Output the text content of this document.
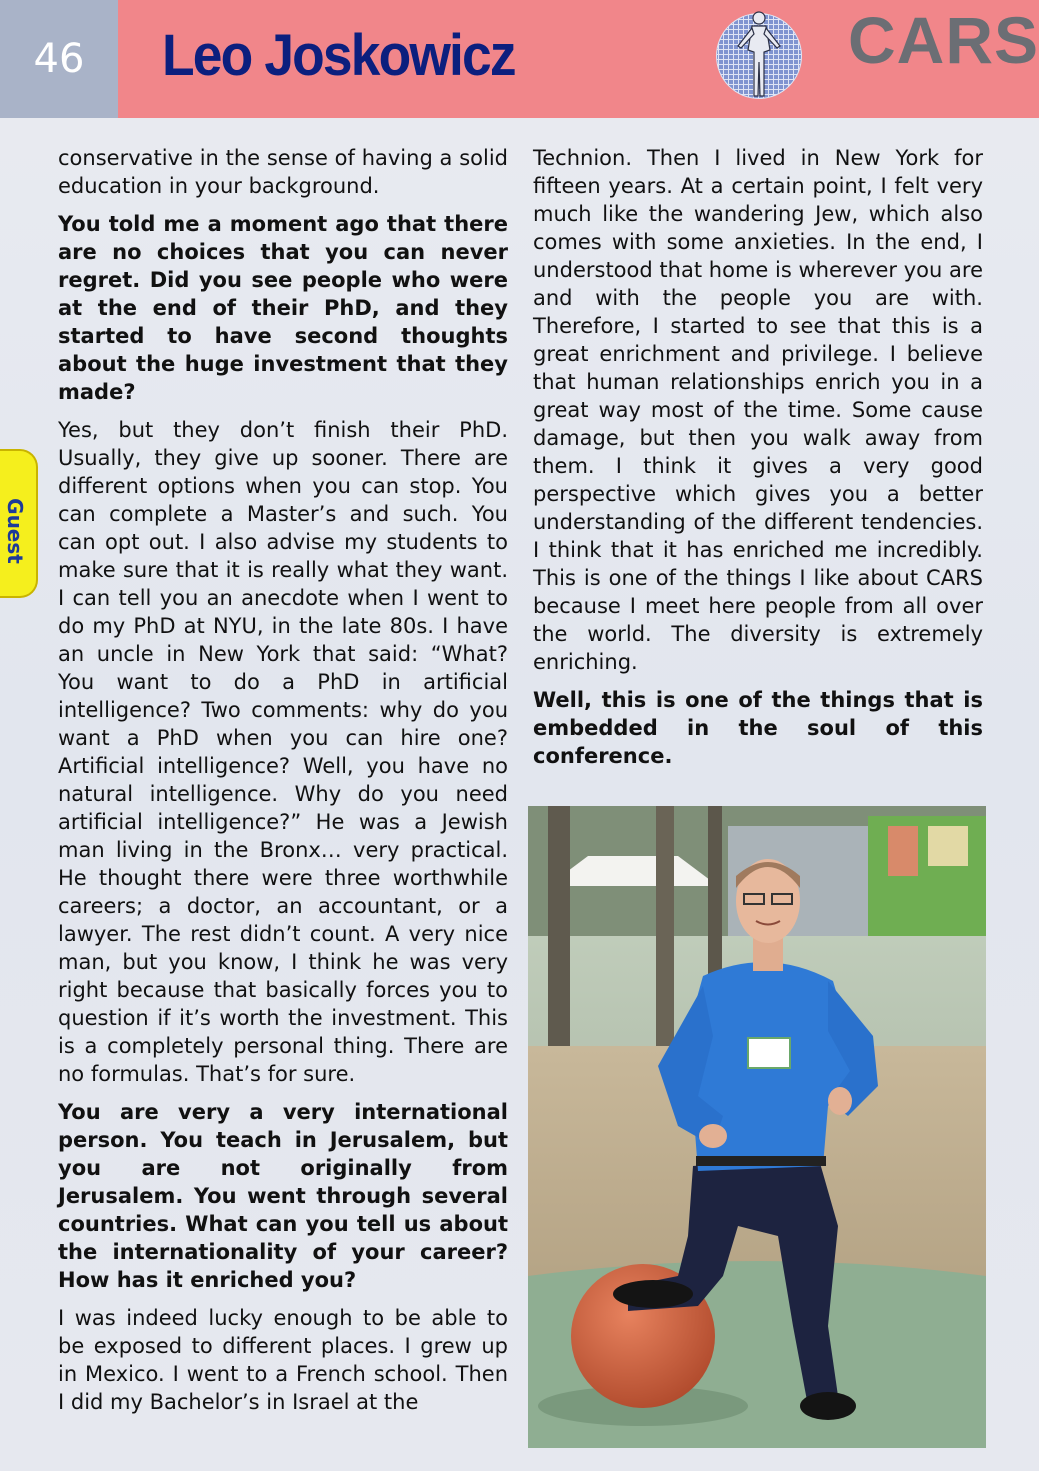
46	Leo Joskowicz	CARS
Guest

conservative in the sense of having a solid education in your background.

You told me a moment ago that there are no choices that you can never regret. Did you see people who were at the end of their PhD, and they started to have second thoughts about the huge investment that they made?

Yes, but they don’t finish their PhD. Usually, they give up sooner. There are different options when you can stop. You can complete a Master’s and such. You can opt out. I also advise my students to make sure that it is really what they want. I can tell you an anecdote when I went to do my PhD at NYU, in the late 80s. I have an uncle in New York that said: “What? You want to do a PhD in artificial intelligence? Two comments: why do you want a PhD when you can hire one? Artificial intelligence? Well, you have no natural intelligence. Why do you need artificial intelligence?” He was a Jewish man living in the Bronx… very practical. He thought there were three worthwhile careers; a doctor, an accountant, or a lawyer. The rest didn’t count. A very nice man, but you know, I think he was very right because that basically forces you to question if it’s worth the investment. This is a completely personal thing. There are no formulas. That’s for sure.

You are very a very international person. You teach in Jerusalem, but you are not originally from Jerusalem. You went through several countries. What can you tell us about the internationality of your career? How has it enriched you?

I was indeed lucky enough to be able to be exposed to different places. I grew up in Mexico. I went to a French school. Then I did my Bachelor’s in Israel at the

Technion. Then I lived in New York for fifteen years. At a certain point, I felt very much like the wandering Jew, which also comes with some anxieties. In the end, I understood that home is wherever you are and with the people you are with. Therefore, I started to see that this is a great enrichment and privilege. I believe that human relationships enrich you in a great way most of the time. Some cause damage, but then you walk away from them. I think it gives a very good perspective which gives you a better understanding of the different tendencies. I think that it has enriched me incredibly. This is one of the things I like about CARS because I meet here people from all over the world. The diversity is extremely enriching.

Well, this is one of the things that is embedded in the soul of this conference.
